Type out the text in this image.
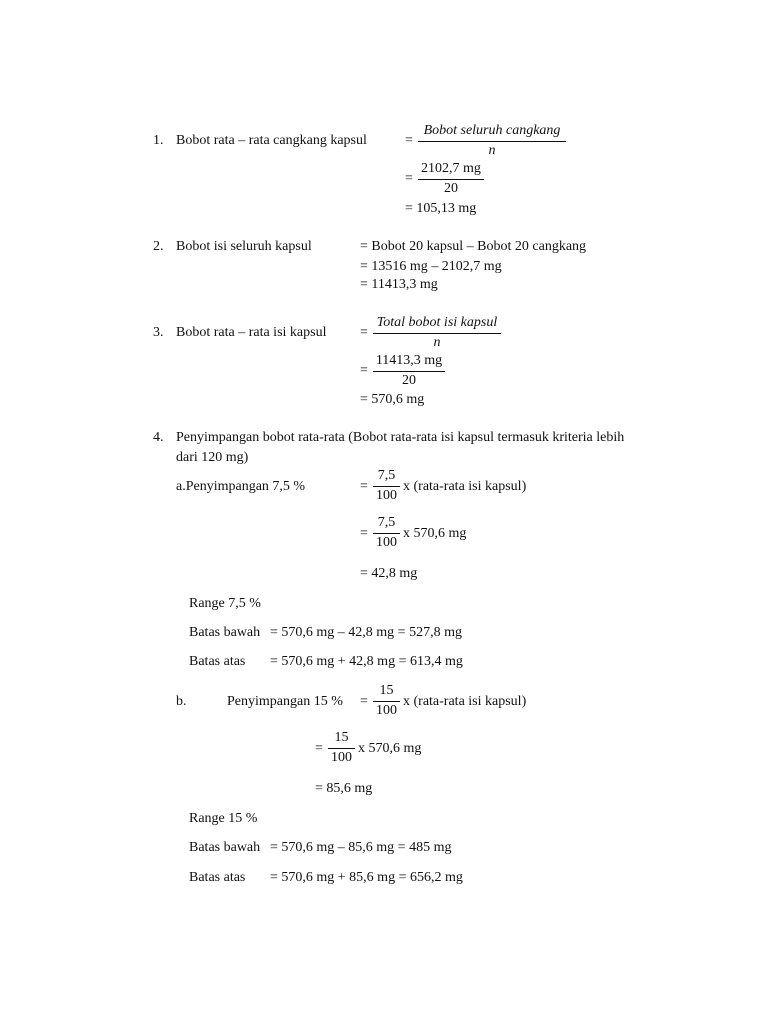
1. Bobot rata – rata cangkang kapsul	=
Bobot seluruh cangkang
n
=
2102,7 mg
20
= 105,13 mg
2. Bobot isi seluruh kapsul	= Bobot 20 kapsul – Bobot 20 cangkang
= 13516 mg – 2102,7 mg
= 11413,3 mg
3. Bobot rata – rata isi kapsul =
Total bobot isi kapsul
n
=
11413,3 mg
20
= 570,6 mg
4. Penyimpangan bobot rata-rata (Bobot rata-rata isi kapsul termasuk kriteria lebih
dari 120 mg)
a.Penyimpangan 7,5 %	=
7,5
100
x (rata-rata isi kapsul)
=
7,5
100
x 570,6 mg
= 42,8 mg
Range 7,5 %
Batas bawah = 570,6 mg – 42,8 mg = 527,8 mg
Batas atas = 570,6 mg + 42,8 mg = 613,4 mg
b.	Penyimpangan 15 % =
15
100
x (rata-rata isi kapsul)
=
15
100
x 570,6 mg
= 85,6 mg
Range 15 %
Batas bawah = 570,6 mg – 85,6 mg = 485 mg
Batas atas = 570,6 mg + 85,6 mg = 656,2 mg
